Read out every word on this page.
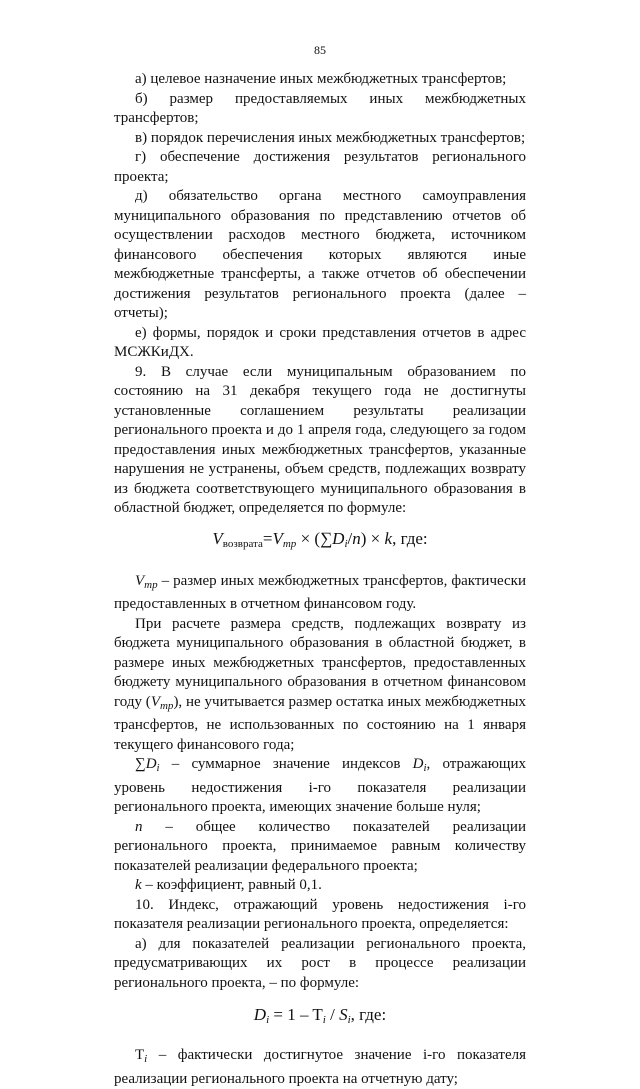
85

а) целевое назначение иных межбюджетных трансфертов;

б) размер предоставляемых иных межбюджетных трансфертов;

в) порядок перечисления иных межбюджетных трансфертов;

г) обеспечение достижения результатов регионального проекта;

д) обязательство органа местного самоуправления муниципального образования по представлению отчетов об осуществлении расходов местного бюджета, источником финансового обеспечения которых являются иные межбюджетные трансферты, а также отчетов об обеспечении достижения результатов регионального проекта (далее – отчеты);

е) формы, порядок и сроки представления отчетов в адрес МСЖКиДХ.

9. В случае если муниципальным образованием по состоянию на 31 декабря текущего года не достигнуты установленные соглашением результаты реализации регионального проекта и до 1 апреля года, следующего за годом предоставления иных межбюджетных трансфертов, указанные нарушения не устранены, объем средств, подлежащих возврату из бюджета соответствующего муниципального образования в областной бюджет, определяется по формуле:

$V_{возврата}=V_{тр} \times (\sum D_i/n) \times k$, где:

$V_{тр}$ – размер иных межбюджетных трансфертов, фактически предоставленных в отчетном финансовом году.

При расчете размера средств, подлежащих возврату из бюджета муниципального образования в областной бюджет, в размере иных межбюджетных трансфертов, предоставленных бюджету муниципального образования в отчетном финансовом году $(V_{тр})$, не учитывается размер остатка иных межбюджетных трансфертов, не использованных по состоянию на 1 января текущего финансового года;

$\sum D_i$ – суммарное значение индексов $D_i$, отражающих уровень недостижения i-го показателя реализации регионального проекта, имеющих значение больше нуля;

n – общее количество показателей реализации регионального проекта, принимаемое равным количеству показателей реализации федерального проекта;

k – коэффициент, равный 0,1.

10. Индекс, отражающий уровень недостижения i-го показателя реализации регионального проекта, определяется:

а) для показателей реализации регионального проекта, предусматривающих их рост в процессе реализации регионального проекта, – по формуле:

$D_i = 1 - T_i / S_i$, где:

$T_i$ – фактически достигнутое значение i-го показателя реализации регионального проекта на отчетную дату;
